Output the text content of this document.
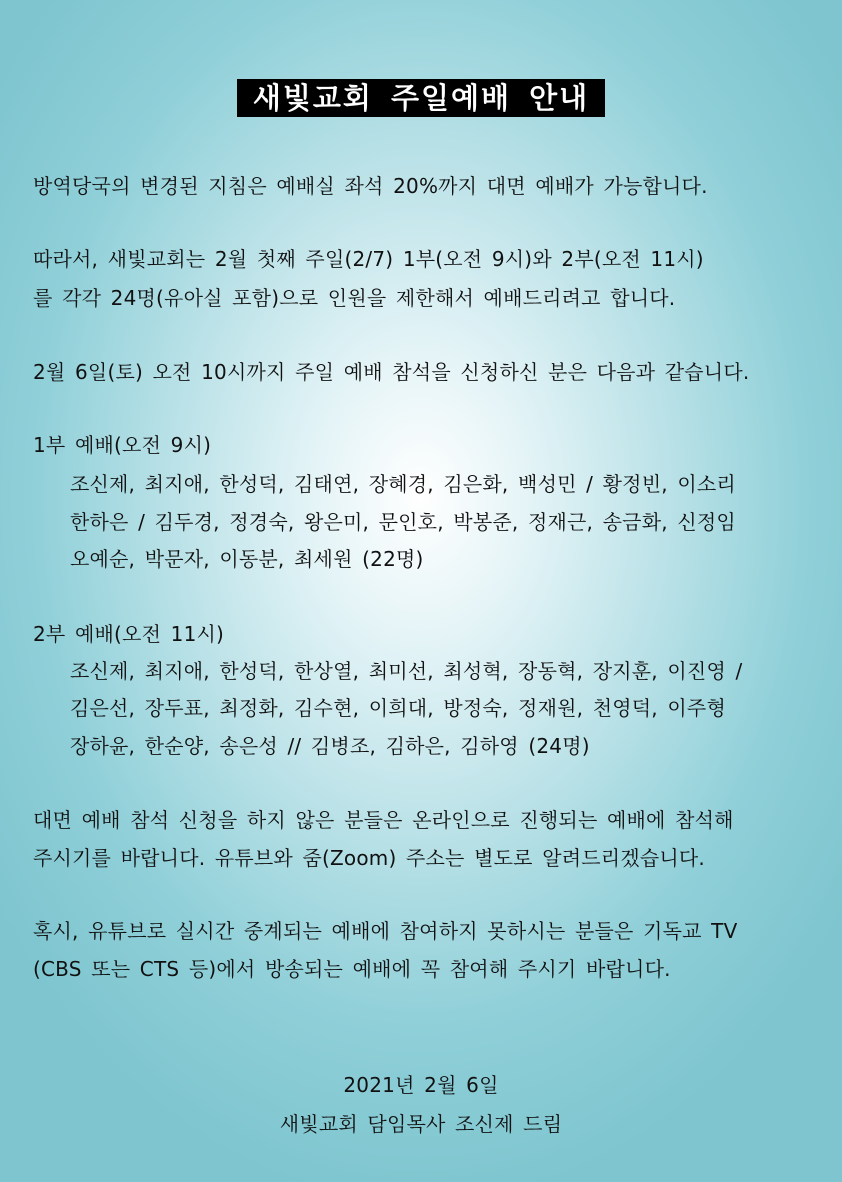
새빛교회 주일예배 안내
방역당국의 변경된 지침은 예배실 좌석 20%까지 대면 예배가 가능합니다.
따라서, 새빛교회는 2월 첫째 주일(2/7) 1부(오전 9시)와 2부(오전 11시)
를 각각 24명(유아실 포함)으로 인원을 제한해서 예배드리려고 합니다.
2월 6일(토) 오전 10시까지 주일 예배 참석을 신청하신 분은 다음과 같습니다.
1부 예배(오전 9시)
조신제, 최지애, 한성덕, 김태연, 장혜경, 김은화, 백성민 / 황정빈, 이소리
한하은 / 김두경, 정경숙, 왕은미, 문인호, 박봉준, 정재근, 송금화, 신정임
오예순, 박문자, 이동분, 최세원 (22명)
2부 예배(오전 11시)
조신제, 최지애, 한성덕, 한상열, 최미선, 최성혁, 장동혁, 장지훈, 이진영 /
김은선, 장두표, 최정화, 김수현, 이희대, 방정숙, 정재원, 천영덕, 이주형
장하윤, 한순양, 송은성 // 김병조, 김하은, 김하영 (24명)
대면 예배 참석 신청을 하지 않은 분들은 온라인으로 진행되는 예배에 참석해
주시기를 바랍니다. 유튜브와 줌(Zoom) 주소는 별도로 알려드리겠습니다.
혹시, 유튜브로 실시간 중계되는 예배에 참여하지 못하시는 분들은 기독교 TV
(CBS 또는 CTS 등)에서 방송되는 예배에 꼭 참여해 주시기 바랍니다.
2021년 2월 6일
새빛교회 담임목사 조신제 드림
